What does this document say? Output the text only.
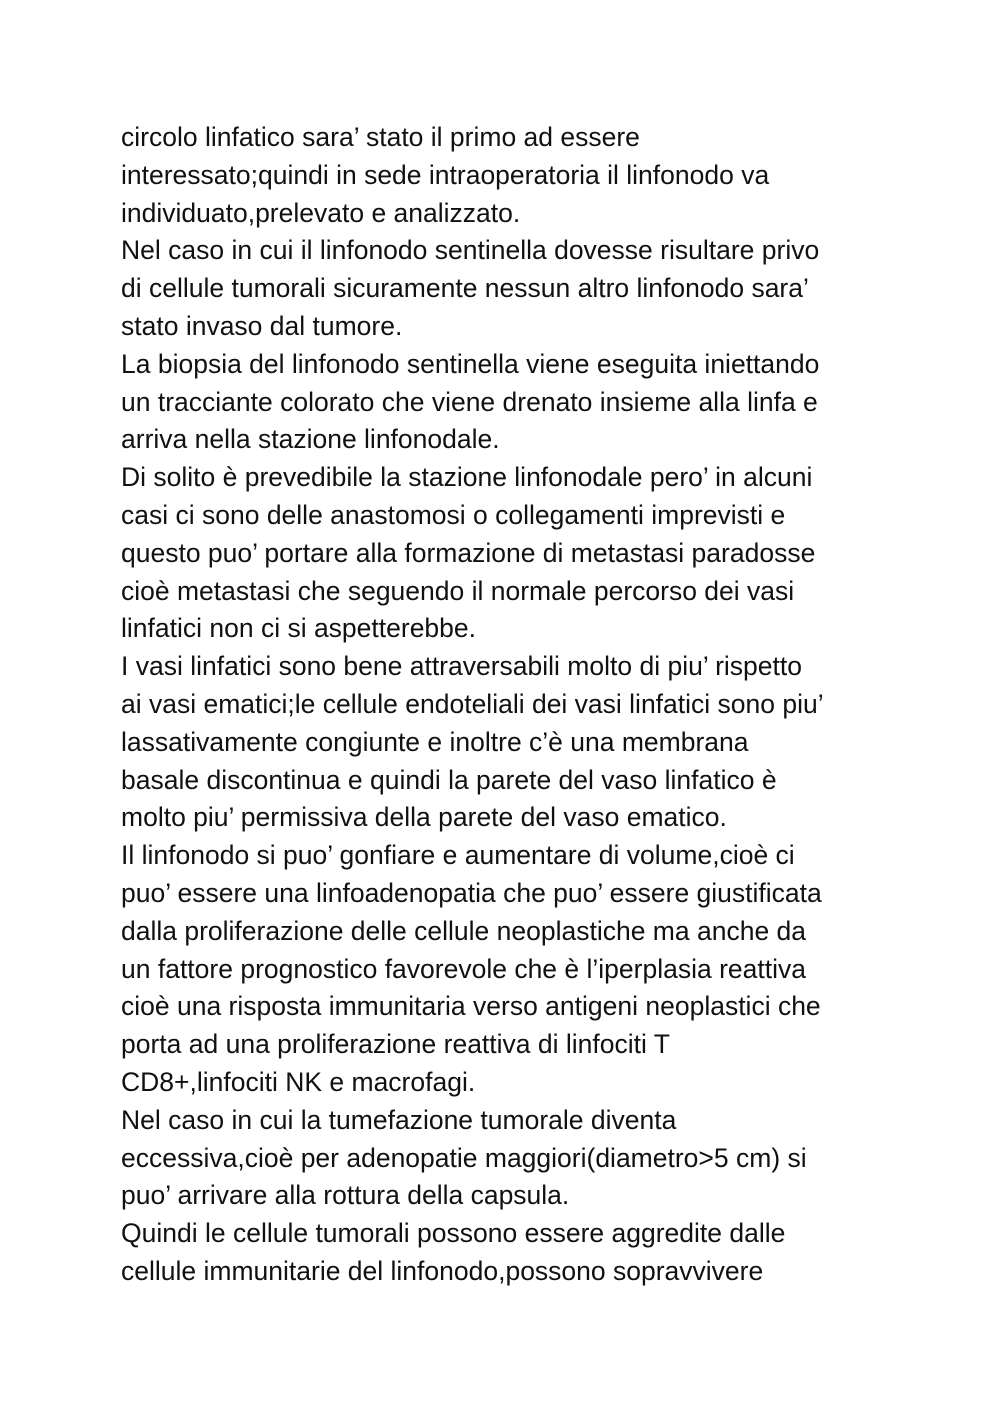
circolo linfatico sara’ stato il primo ad essere
interessato;quindi in sede intraoperatoria il linfonodo va
individuato,prelevato e analizzato.
Nel caso in cui il linfonodo sentinella dovesse risultare privo
di cellule tumorali sicuramente nessun altro linfonodo sara’
stato invaso dal tumore.
La biopsia del linfonodo sentinella viene eseguita iniettando
un tracciante colorato che viene drenato insieme alla linfa e
arriva nella stazione linfonodale.
Di solito è prevedibile la stazione linfonodale pero’ in alcuni
casi ci sono delle anastomosi o collegamenti imprevisti e
questo puo’ portare alla formazione di metastasi paradosse
cioè metastasi che seguendo il normale percorso dei vasi
linfatici non ci si aspetterebbe.
I vasi linfatici sono bene attraversabili molto di piu’ rispetto
ai vasi ematici;le cellule endoteliali dei vasi linfatici sono piu’
lassativamente congiunte e inoltre c’è una membrana
basale discontinua e quindi la parete del vaso linfatico è
molto piu’ permissiva della parete del vaso ematico.
Il linfonodo si puo’ gonfiare e aumentare di volume,cioè ci
puo’ essere una linfoadenopatia che puo’ essere giustificata
dalla proliferazione delle cellule neoplastiche ma anche da
un fattore prognostico favorevole che è l’iperplasia reattiva
cioè una risposta immunitaria verso antigeni neoplastici che
porta ad una proliferazione reattiva di linfociti T
CD8+,linfociti NK e macrofagi.
Nel caso in cui la tumefazione tumorale diventa
eccessiva,cioè per adenopatie maggiori(diametro>5 cm) si
puo’ arrivare alla rottura della capsula.
Quindi le cellule tumorali possono essere aggredite dalle
cellule immunitarie del linfonodo,possono sopravvivere
